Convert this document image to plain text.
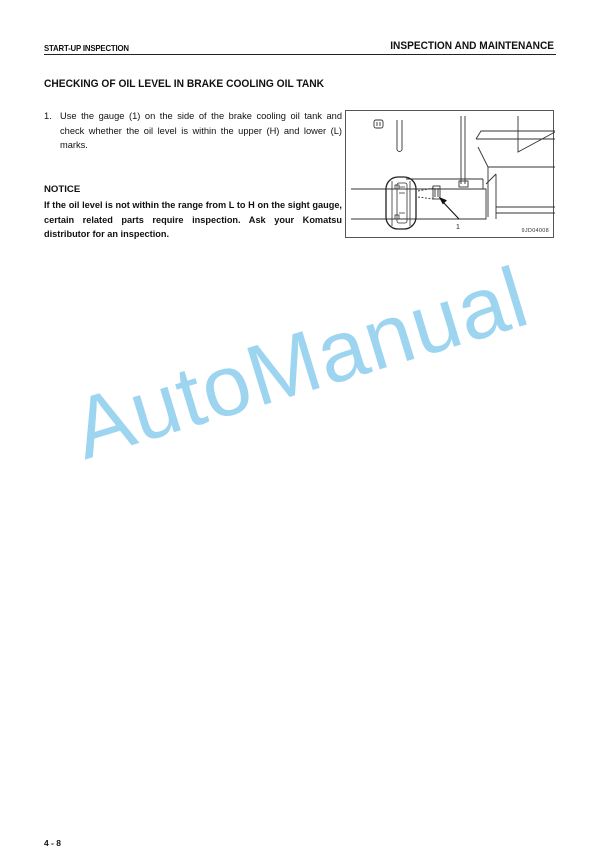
START-UP INSPECTION	INSPECTION AND MAINTENANCE
CHECKING OF OIL LEVEL IN BRAKE COOLING OIL TANK
1. Use the gauge (1) on the side of the brake cooling oil tank and check whether the oil level is within the upper (H) and lower (L) marks.
NOTICE
If the oil level is not within the range from L to H on the sight gauge, certain related parts require inspection. Ask your Komatsu distributor for an inspection.
1	9JD04008
AutoManual
4 - 8
